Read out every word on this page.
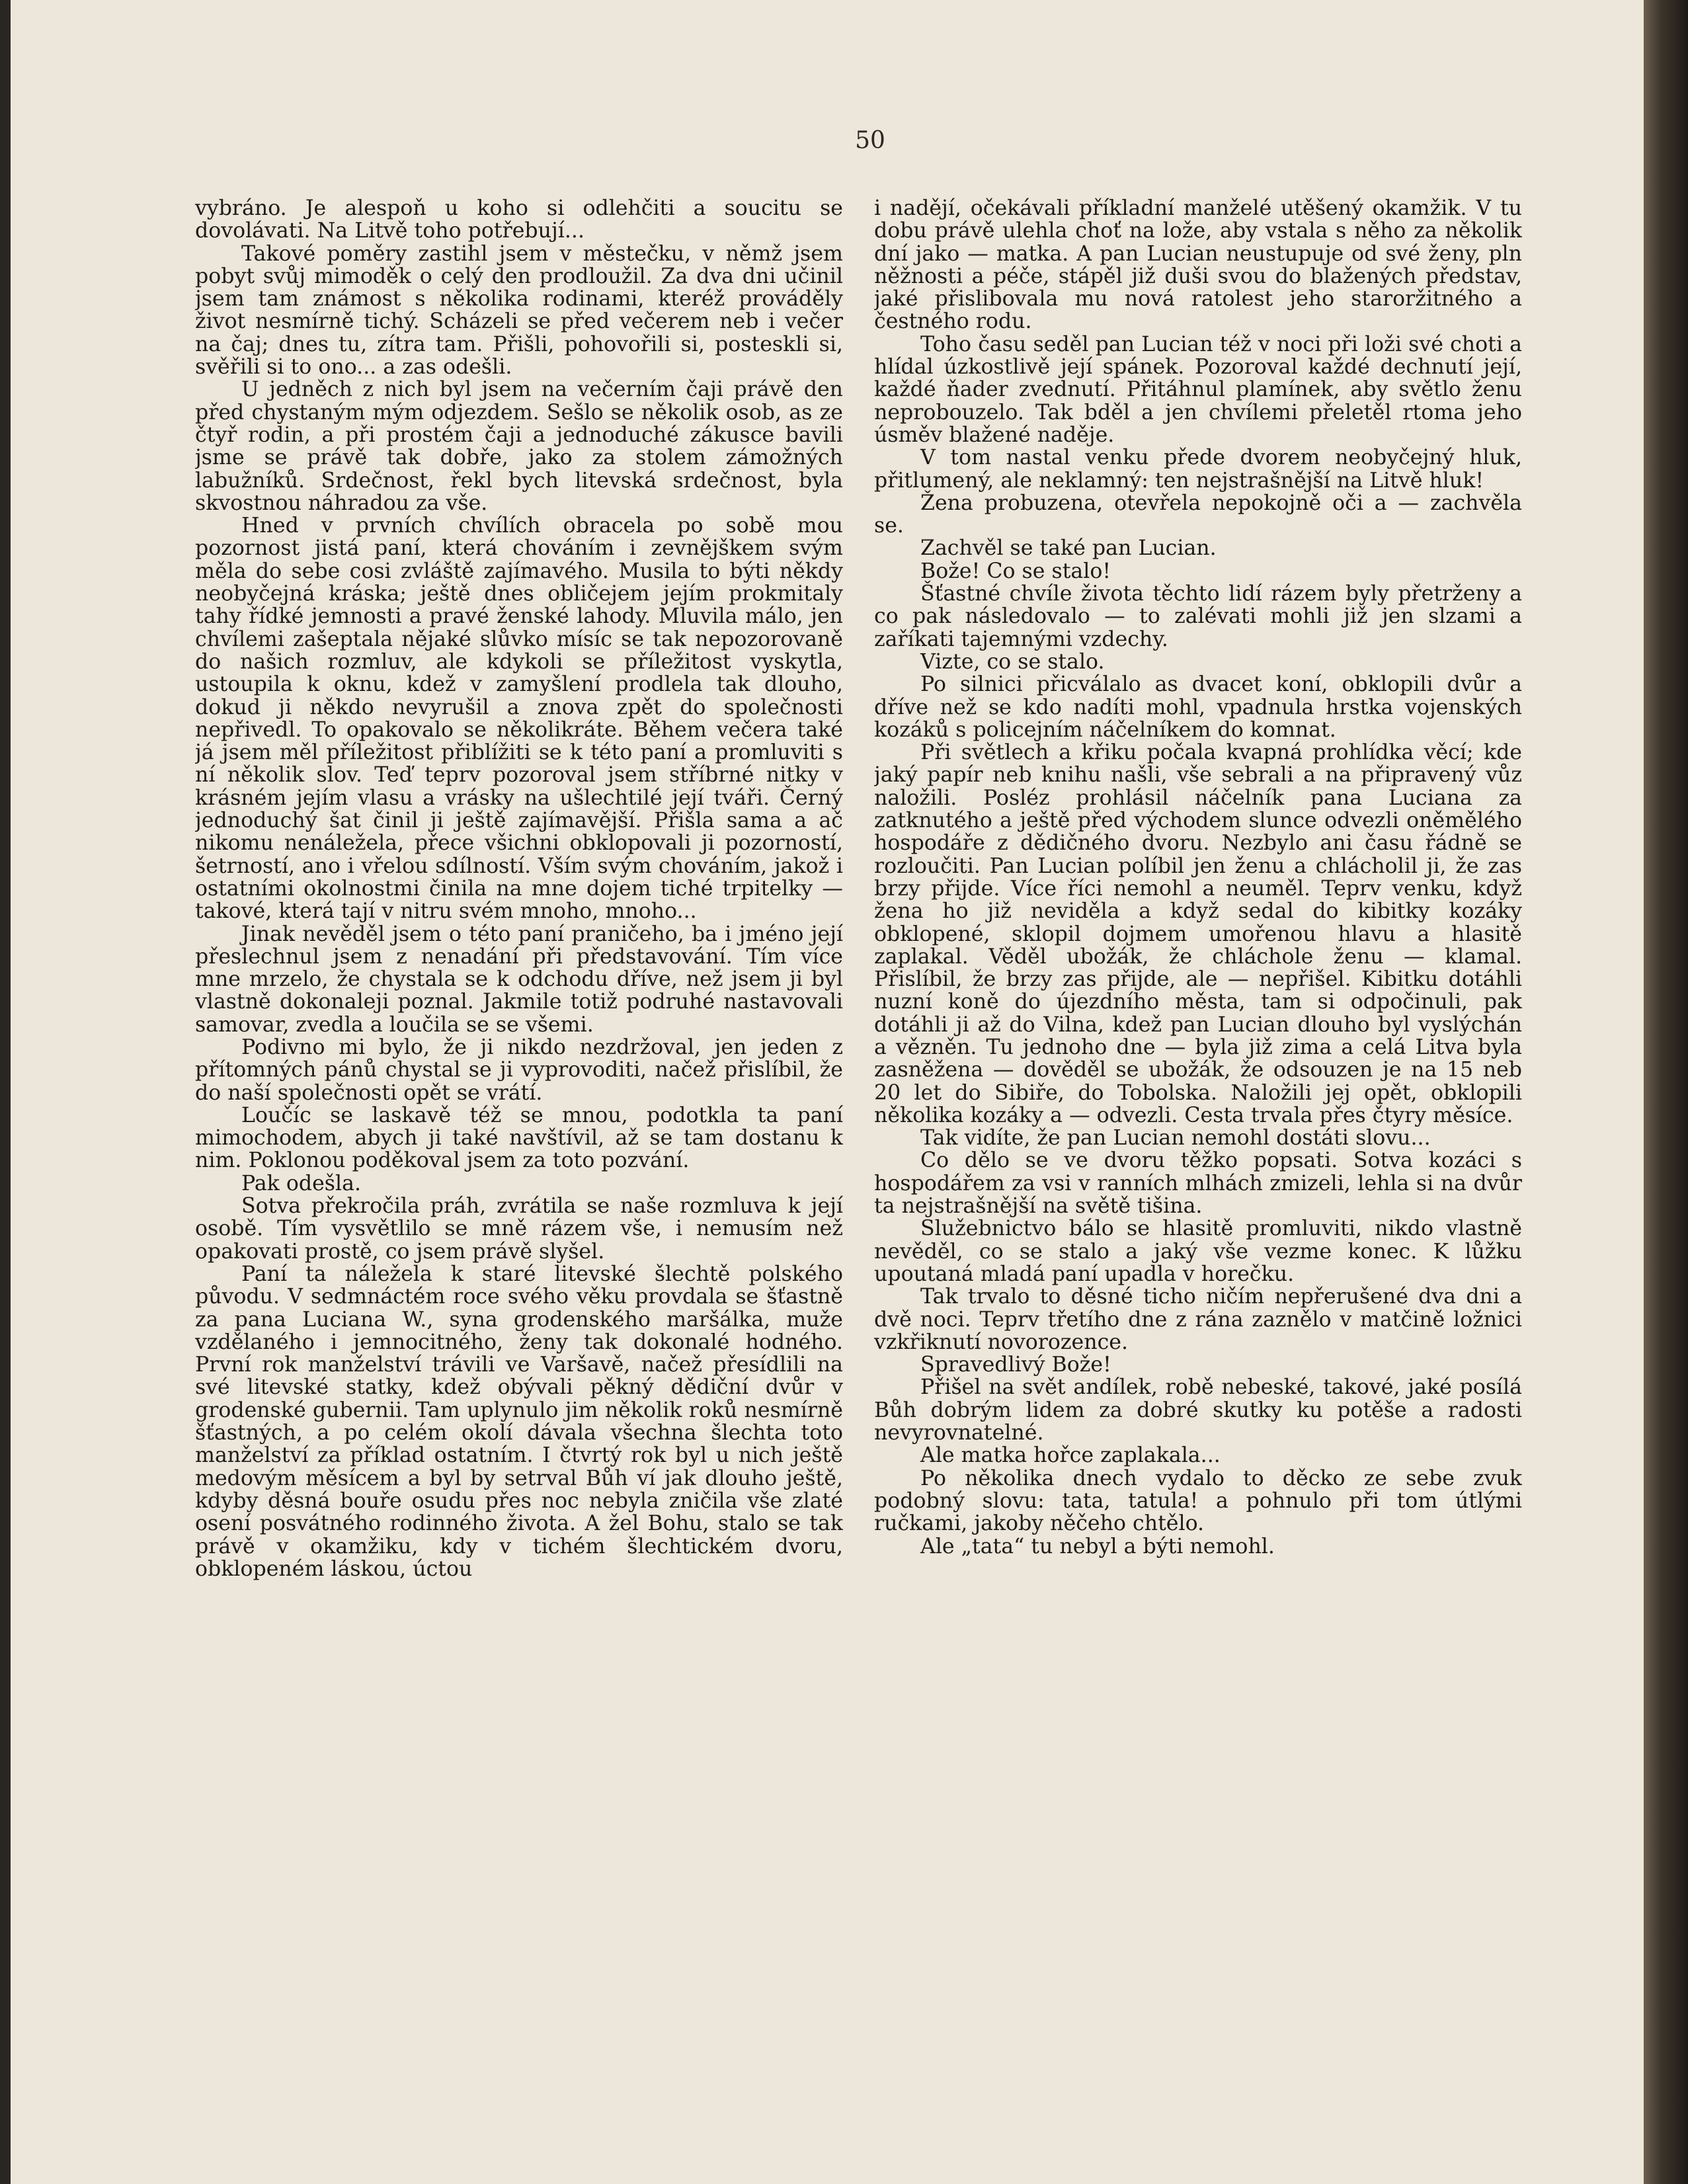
50

vybráno. Je alespoň u koho si odlehčiti a soucitu se dovolávati. Na Litvě toho potřebují...

Takové poměry zastihl jsem v městečku, v němž jsem pobyt svůj mimoděk o celý den prodloužil. Za dva dni učinil jsem tam známost s několika rodinami, kteréž prováděly život nesmírně tichý. Scházeli se před večerem neb i večer na čaj; dnes tu, zítra tam. Přišli, pohovořili si, posteskli si, svěřili si to ono... a zas odešli.

U jedněch z nich byl jsem na večerním čaji právě den před chystaným mým odjezdem. Sešlo se několik osob, as ze čtyř rodin, a při prostém čaji a jednoduché zákusce bavili jsme se právě tak dobře, jako za stolem zámožných labužníků. Srdečnost, řekl bych litevská srdečnost, byla skvostnou náhradou za vše.

Hned v prvních chvílích obracela po sobě mou pozornost jistá paní, která chováním i zevnějškem svým měla do sebe cosi zvláště zajímavého. Musila to býti někdy neobyčejná kráska; ještě dnes obličejem jejím prokmitaly tahy řídké jemnosti a pravé ženské lahody. Mluvila málo, jen chvílemi zašeptala nějaké slůvko mísíc se tak nepozorovaně do našich rozmluv, ale kdykoli se příležitost vyskytla, ustoupila k oknu, kdež v zamyšlení prodlela tak dlouho, dokud ji někdo nevyrušil a znova zpět do společnosti nepřivedl. To opakovalo se několikráte. Během večera také já jsem měl příležitost přiblížiti se k této paní a promluviti s ní několik slov. Teď teprv pozoroval jsem stříbrné nitky v krásném jejím vlasu a vrásky na ušlechtilé její tváři. Černý jednoduchý šat činil ji ještě zajímavější. Přišla sama a ač nikomu nenáležela, přece všichni obklopovali ji pozorností, šetrností, ano i vřelou sdílností. Vším svým chováním, jakož i ostatními okolnostmi činila na mne dojem tiché trpitelky — takové, která tají v nitru svém mnoho, mnoho...

Jinak nevěděl jsem o této paní praničeho, ba i jméno její přeslechnul jsem z nenadání při představování. Tím více mne mrzelo, že chystala se k odchodu dříve, než jsem ji byl vlastně dokonaleji poznal. Jakmile totiž podruhé nastavovali samovar, zvedla a loučila se se všemi.

Podivno mi bylo, že ji nikdo nezdržoval, jen jeden z přítomných pánů chystal se ji vyprovoditi, načež přislíbil, že do naší společnosti opět se vrátí.

Loučíc se laskavě též se mnou, podotkla ta paní mimochodem, abych ji také navštívil, až se tam dostanu k nim. Poklonou poděkoval jsem za toto pozvání.

Pak odešla.

Sotva překročila práh, zvrátila se naše rozmluva k její osobě. Tím vysvětlilo se mně rázem vše, i nemusím než opakovati prostě, co jsem právě slyšel.

Paní ta náležela k staré litevské šlechtě polského původu. V sedmnáctém roce svého věku provdala se šťastně za pana Luciana W., syna grodenského maršálka, muže vzdělaného i jemnocitného, ženy tak dokonalé hodného. První rok manželství trávili ve Varšavě, načež přesídlili na své litevské statky, kdež obývali pěkný dědiční dvůr v grodenské gubernii. Tam uplynulo jim několik roků nesmírně šťastných, a po celém okolí dávala všechna šlechta toto manželství za příklad ostatním. I čtvrtý rok byl u nich ještě medovým měsícem a byl by setrval Bůh ví jak dlouho ještě, kdyby děsná bouře osudu přes noc nebyla zničila vše zlaté osení posvátného rodinného života. A žel Bohu, stalo se tak právě v okamžiku, kdy v tichém šlechtickém dvoru, obklopeném láskou, úctou

i nadějí, očekávali příkladní manželé utěšený okamžik. V tu dobu právě ulehla choť na lože, aby vstala s něho za několik dní jako — matka. A pan Lucian neustupuje od své ženy, pln něžnosti a péče, stápěl již duši svou do blažených představ, jaké přislibovala mu nová ratolest jeho staroržitného a čestného rodu.

Toho času seděl pan Lucian též v noci při loži své choti a hlídal úzkostlivě její spánek. Pozoroval každé dechnutí její, každé ňader zvednutí. Přitáhnul plamínek, aby světlo ženu neprobouzelo. Tak bděl a jen chvílemi přeletěl rtoma jeho úsměv blažené naděje.

V tom nastal venku přede dvorem neobyčejný hluk, přitlumený, ale neklamný: ten nejstrašnější na Litvě hluk!

Žena probuzena, otevřela nepokojně oči a — zachvěla se.

Zachvěl se také pan Lucian.

Bože! Co se stalo!

Šťastné chvíle života těchto lidí rázem byly přetrženy a co pak následovalo — to zalévati mohli již jen slzami a zaříkati tajemnými vzdechy.

Vizte, co se stalo.

Po silnici přicválalo as dvacet koní, obklopili dvůr a dříve než se kdo nadíti mohl, vpadnula hrstka vojenských kozáků s policejním náčelníkem do komnat.

Při světlech a křiku počala kvapná prohlídka věcí; kde jaký papír neb knihu našli, vše sebrali a na připravený vůz naložili. Posléz prohlásil náčelník pana Luciana za zatknutého a ještě před východem slunce odvezli oněmělého hospodáře z dědičného dvoru. Nezbylo ani času řádně se rozloučiti. Pan Lucian políbil jen ženu a chlácholil ji, že zas brzy přijde. Více říci nemohl a neuměl. Teprv venku, když žena ho již neviděla a když sedal do kibitky kozáky obklopené, sklopil dojmem umořenou hlavu a hlasitě zaplakal. Věděl ubožák, že chlácholе ženu — klamal. Přislíbil, že brzy zas přijde, ale — nepřišel. Kibitku dotáhli nuzní koně do újezdního města, tam si odpočinuli, pak dotáhli ji až do Vilna, kdež pan Lucian dlouho byl vyslýchán a vězněn. Tu jednoho dne — byla již zima a celá Litva byla zasněžena — dověděl se ubožák, že odsouzen je na 15 neb 20 let do Sibiře, do Tobolska. Naložili jej opět, obklopili několika kozáky a — odvezli. Cesta trvala přes čtyry měsíce.

Tak vidíte, že pan Lucian nemohl dostáti slovu...

Co dělo se ve dvoru těžko popsati. Sotva kozáci s hospodářem za vsi v ranních mlhách zmizeli, lehla si na dvůr ta nejstrašnější na světě tišina.

Služebnictvo bálo se hlasitě promluviti, nikdo vlastně nevěděl, co se stalo a jaký vše vezme konec. K lůžku upoutaná mladá paní upadla v horečku.

Tak trvalo to děsné ticho ničím nepřerušené dva dni a dvě noci. Teprv třetího dne z rána zaznělo v matčině ložnici vzkřiknutí novorozence.

Spravedlivý Bože!

Přišel na svět andílek, robě nebeské, takové, jaké posílá Bůh dobrým lidem za dobré skutky ku potěše a radosti nevyrovnatelné.

Ale matka hořce zaplakala...

Po několika dnech vydalo to děcko ze sebe zvuk podobný slovu: tata, tatula! a pohnulo při tom útlými ručkami, jakoby něčeho chtělo.

Ale „tata“ tu nebyl a býti nemohl.
